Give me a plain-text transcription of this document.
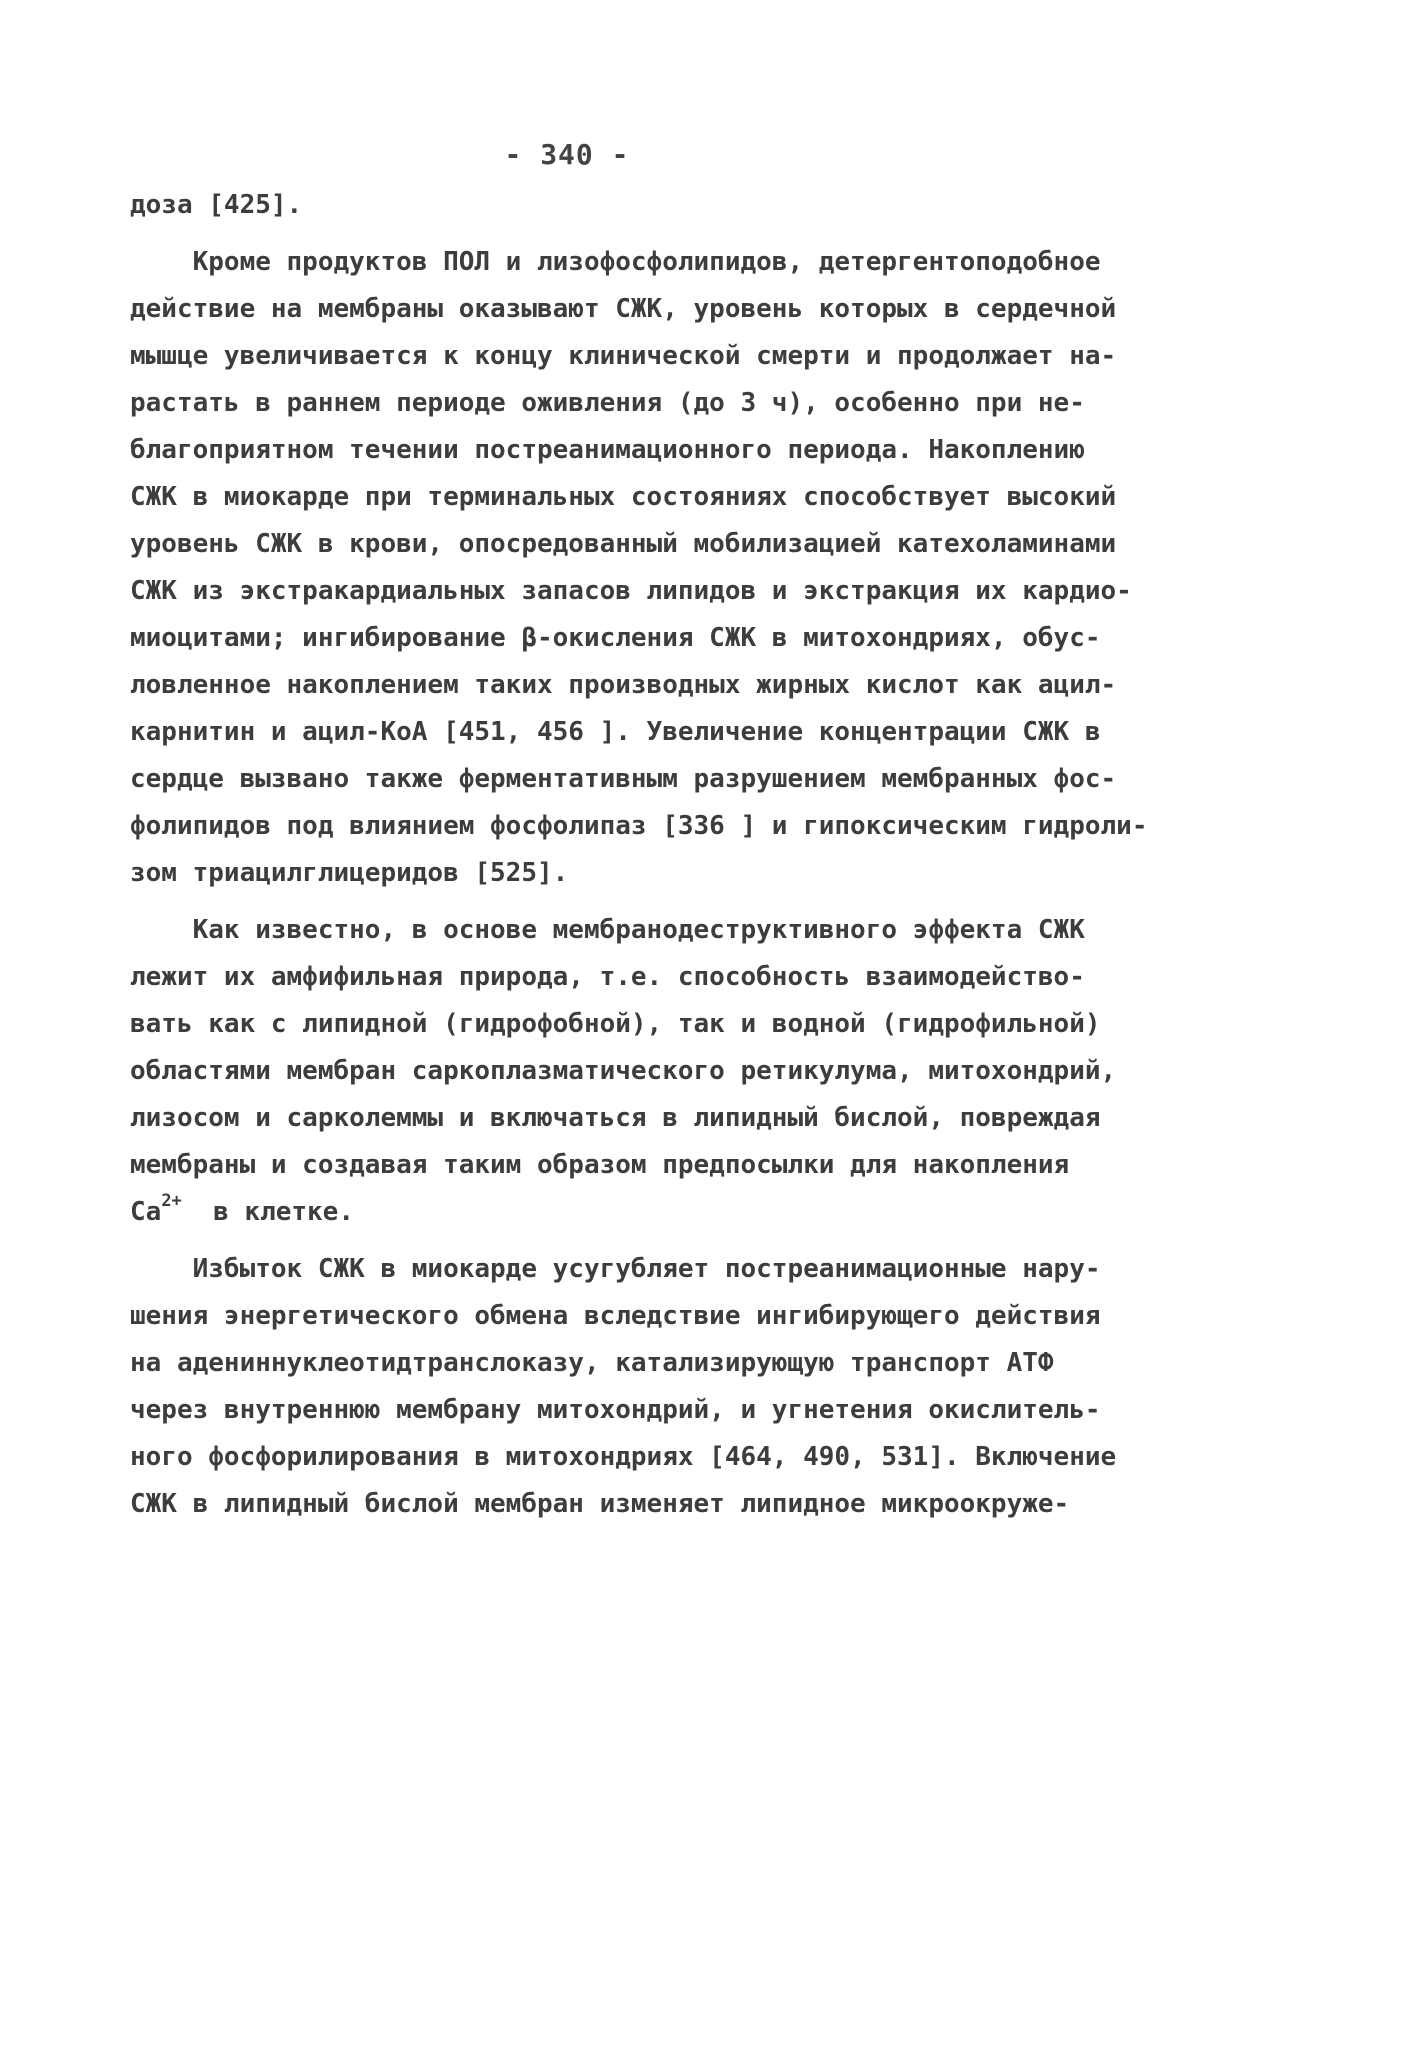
- 340 -
доза [425].
Кроме продуктов ПОЛ и лизофосфолипидов, детергентоподобное
действие на мембраны оказывают СЖК, уровень которых в сердечной
мышце увеличивается к концу клинической смерти и продолжает на-
растать в раннем периоде оживления (до 3 ч), особенно при не-
благоприятном течении постреанимационного периода. Накоплению
СЖК в миокарде при терминальных состояниях способствует высокий
уровень СЖК в крови, опосредованный мобилизацией катехоламинами
СЖК из экстракардиальных запасов липидов и экстракция их кардио-
миоцитами; ингибирование β-окисления СЖК в митохондриях, обус-
ловленное накоплением таких производных жирных кислот как ацил-
карнитин и ацил-КоА [451, 456 ]. Увеличение концентрации СЖК в
сердце вызвано также ферментативным разрушением мембранных фос-
фолипидов под влиянием фосфолипаз [336 ] и гипоксическим гидроли-
зом триацилглицеридов [525].
Как известно, в основе мембранодеструктивного эффекта СЖК
лежит их амфифильная природа, т.е. способность взаимодейство-
вать как с липидной (гидрофобной), так и водной (гидрофильной)
областями мембран саркоплазматического ретикулума, митохондрий,
лизосом и сарколеммы и включаться в липидный бислой, повреждая
мембраны и создавая таким образом предпосылки для накопления
$Ca^{2+}$  в клетке.
Избыток СЖК в миокарде усугубляет постреанимационные нару-
шения энергетического обмена вследствие ингибирующего действия
на адениннуклеотидтранслоказу, катализирующую транспорт АТФ
через внутреннюю мембрану митохондрий, и угнетения окислитель-
ного фосфорилирования в митохондриях [464, 490, 531]. Включение
СЖК в липидный бислой мембран изменяет липидное микроокруже-
